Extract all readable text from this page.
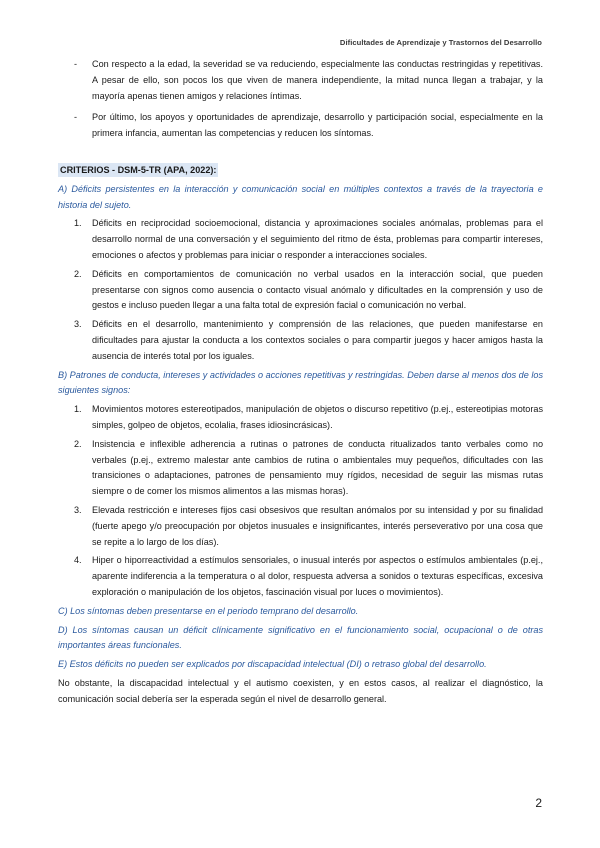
Dificultades de Aprendizaje y Trastornos del Desarrollo
- Con respecto a la edad, la severidad se va reduciendo, especialmente las conductas restringidas y repetitivas. A pesar de ello, son pocos los que viven de manera independiente, la mitad nunca llegan a trabajar, y la mayoría apenas tienen amigos y relaciones íntimas.
- Por último, los apoyos y oportunidades de aprendizaje, desarrollo y participación social, especialmente en la primera infancia, aumentan las competencias y reducen los síntomas.
CRITERIOS - DSM-5-TR (APA, 2022):
A) Déficits persistentes en la interacción y comunicación social en múltiples contextos a través de la trayectoria e historia del sujeto.
1. Déficits en reciprocidad socioemocional, distancia y aproximaciones sociales anómalas, problemas para el desarrollo normal de una conversación y el seguimiento del ritmo de ésta, problemas para compartir intereses, emociones o afectos y problemas para iniciar o responder a interacciones sociales.
2. Déficits en comportamientos de comunicación no verbal usados en la interacción social, que pueden presentarse con signos como ausencia o contacto visual anómalo y dificultades en la comprensión y uso de gestos e incluso pueden llegar a una falta total de expresión facial o comunicación no verbal.
3. Déficits en el desarrollo, mantenimiento y comprensión de las relaciones, que pueden manifestarse en dificultades para ajustar la conducta a los contextos sociales o para compartir juegos y hacer amigos hasta la ausencia de interés total por los iguales.
B) Patrones de conducta, intereses y actividades o acciones repetitivas y restringidas. Deben darse al menos dos de los siguientes signos:
1. Movimientos motores estereotipados, manipulación de objetos o discurso repetitivo (p.ej., estereotipias motoras simples, golpeo de objetos, ecolalia, frases idiosincrásicas).
2. Insistencia e inflexible adherencia a rutinas o patrones de conducta ritualizados tanto verbales como no verbales (p.ej., extremo malestar ante cambios de rutina o ambientales muy pequeños, dificultades con las transiciones o adaptaciones, patrones de pensamiento muy rígidos, necesidad de seguir las mismas rutas siempre o de comer los mismos alimentos a las mismas horas).
3. Elevada restricción e intereses fijos casi obsesivos que resultan anómalos por su intensidad y por su finalidad (fuerte apego y/o preocupación por objetos inusuales e insignificantes, interés perseverativo por una cosa que se repite a lo largo de los días).
4. Hiper o hiporreactividad a estímulos sensoriales, o inusual interés por aspectos o estímulos ambientales (p.ej., aparente indiferencia a la temperatura o al dolor, respuesta adversa a sonidos o texturas específicas, excesiva exploración o manipulación de los objetos, fascinación visual por luces o movimientos).
C) Los síntomas deben presentarse en el periodo temprano del desarrollo.
D) Los síntomas causan un déficit clínicamente significativo en el funcionamiento social, ocupacional o de otras importantes áreas funcionales.
E) Estos déficits no pueden ser explicados por discapacidad intelectual (DI) o retraso global del desarrollo.
No obstante, la discapacidad intelectual y el autismo coexisten, y en estos casos, al realizar el diagnóstico, la comunicación social debería ser la esperada según el nivel de desarrollo general.
2
